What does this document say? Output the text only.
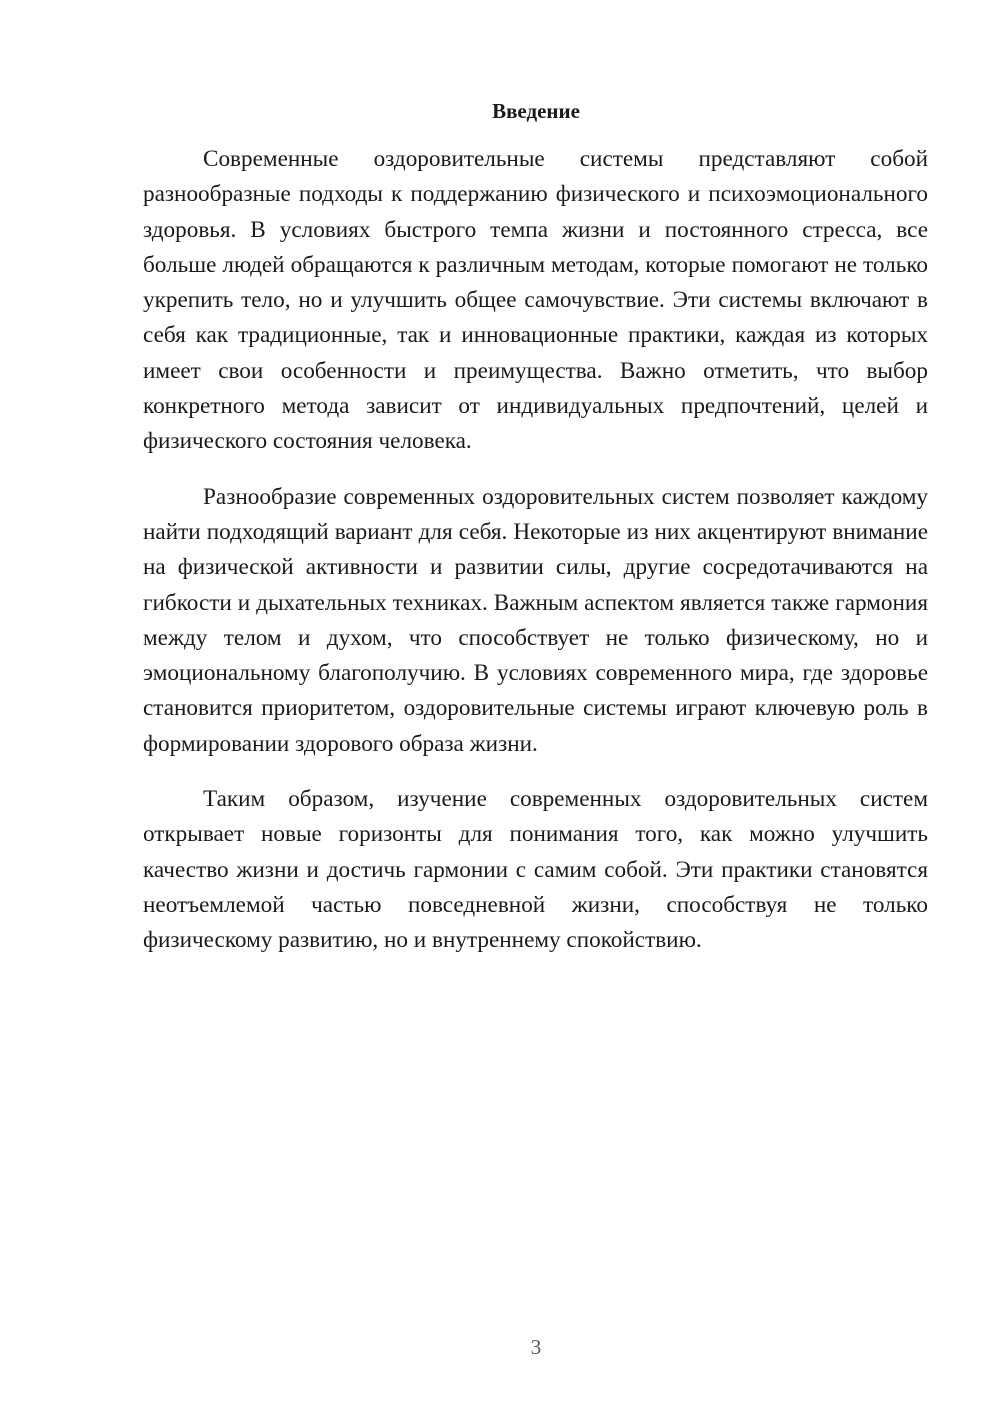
Введение

Современные оздоровительные системы представляют собой разнообразные подходы к поддержанию физического и психоэмоционального здоровья. В условиях быстрого темпа жизни и постоянного стресса, все больше людей обращаются к различным методам, которые помогают не только укрепить тело, но и улучшить общее самочувствие. Эти системы включают в себя как традиционные, так и инновационные практики, каждая из которых имеет свои особенности и преимущества. Важно отметить, что выбор конкретного метода зависит от индивидуальных предпочтений, целей и физического состояния человека.

Разнообразие современных оздоровительных систем позволяет каждому найти подходящий вариант для себя. Некоторые из них акцентируют внимание на физической активности и развитии силы, другие сосредотачиваются на гибкости и дыхательных техниках. Важным аспектом является также гармония между телом и духом, что способствует не только физическому, но и эмоциональному благополучию. В условиях современного мира, где здоровье становится приоритетом, оздоровительные системы играют ключевую роль в формировании здорового образа жизни.

Таким образом, изучение современных оздоровительных систем открывает новые горизонты для понимания того, как можно улучшить качество жизни и достичь гармонии с самим собой. Эти практики становятся неотъемлемой частью повседневной жизни, способствуя не только физическому развитию, но и внутреннему спокойствию.

3
